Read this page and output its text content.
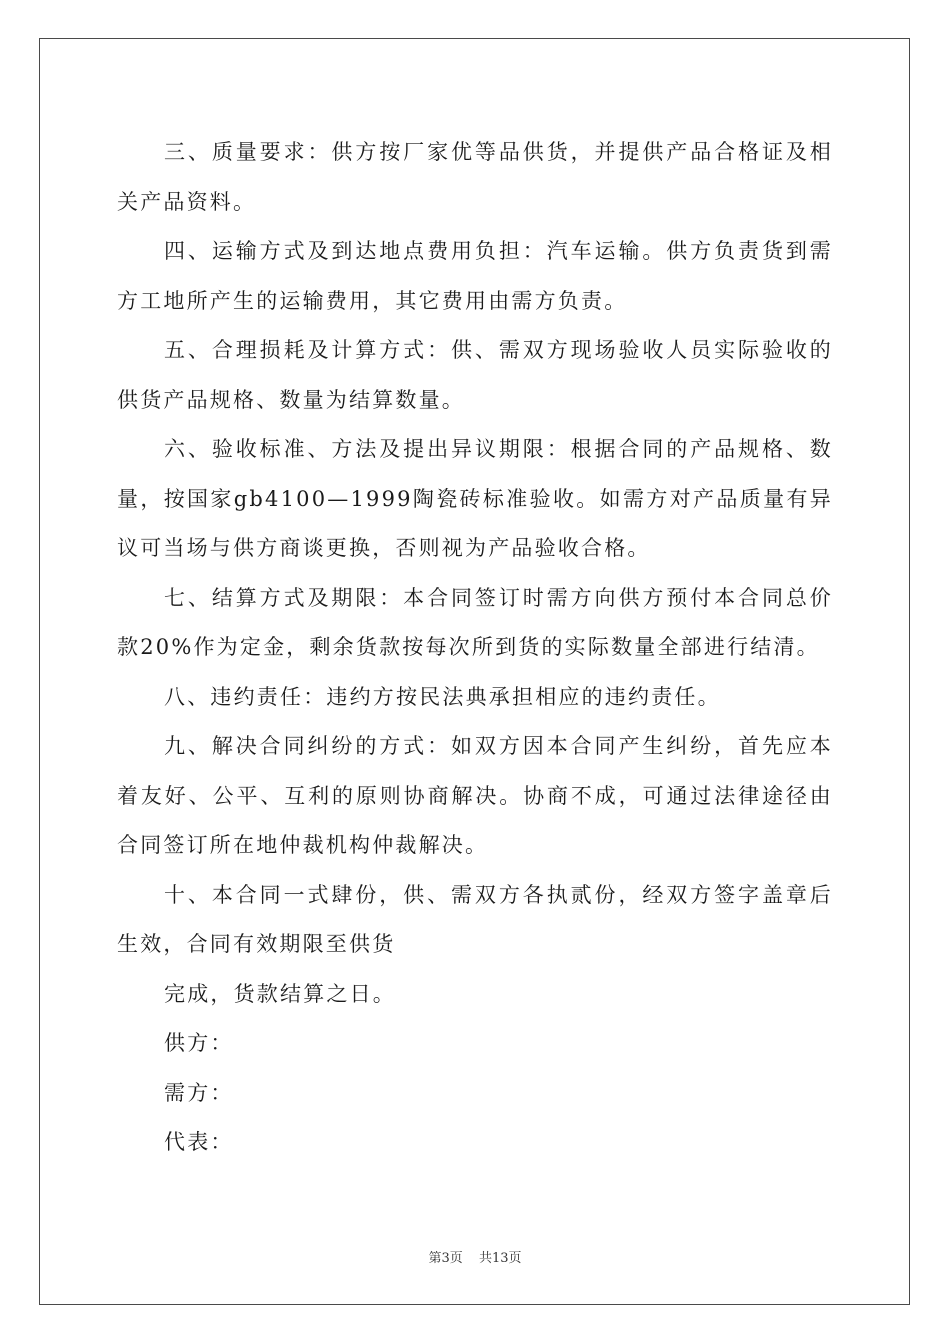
三、质量要求：供方按厂家优等品供货，并提供产品合格证及相关产品资料。

四、运输方式及到达地点费用负担：汽车运输。供方负责货到需方工地所产生的运输费用，其它费用由需方负责。

五、合理损耗及计算方式：供、需双方现场验收人员实际验收的供货产品规格、数量为结算数量。

六、验收标准、方法及提出异议期限：根据合同的产品规格、数量，按国家gb4100—1999陶瓷砖标准验收。如需方对产品质量有异议可当场与供方商谈更换，否则视为产品验收合格。

七、结算方式及期限：本合同签订时需方向供方预付本合同总价款20%作为定金，剩余货款按每次所到货的实际数量全部进行结清。

八、违约责任：违约方按民法典承担相应的违约责任。

九、解决合同纠纷的方式：如双方因本合同产生纠纷，首先应本着友好、公平、互利的原则协商解决。协商不成，可通过法律途径由合同签订所在地仲裁机构仲裁解决。

十、本合同一式肆份，供、需双方各执贰份，经双方签字盖章后生效，合同有效期限至供货

完成，货款结算之日。

供方：

需方：

代表：

第3页 共13页
